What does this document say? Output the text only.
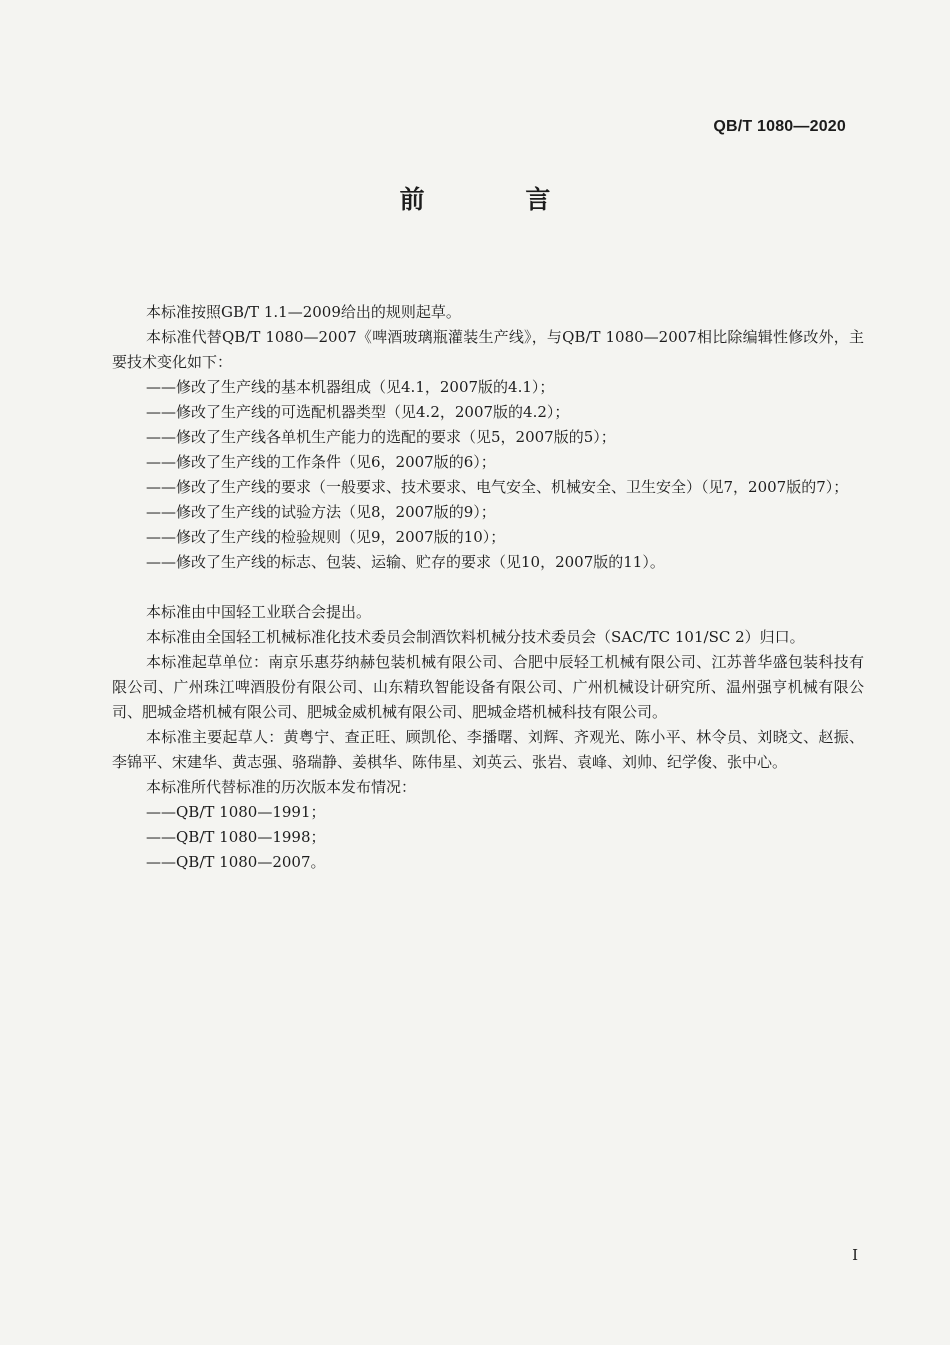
QB/T 1080—2020
前 言

本标准按照GB/T 1.1—2009给出的规则起草。

本标准代替QB/T 1080—2007《啤酒玻璃瓶灌装生产线》，与QB/T 1080—2007相比除编辑性修改外，主要技术变化如下：

——修改了生产线的基本机器组成（见4.1，2007版的4.1）；

——修改了生产线的可选配机器类型（见4.2，2007版的4.2）；

——修改了生产线各单机生产能力的选配的要求（见5，2007版的5）；

——修改了生产线的工作条件（见6，2007版的6）；

——修改了生产线的要求（一般要求、技术要求、电气安全、机械安全、卫生安全）（见7，2007版的7）；

——修改了生产线的试验方法（见8，2007版的9）；

——修改了生产线的检验规则（见9，2007版的10）；

——修改了生产线的标志、包装、运输、贮存的要求（见10，2007版的11）。

本标准由中国轻工业联合会提出。

本标准由全国轻工机械标准化技术委员会制酒饮料机械分技术委员会（SAC/TC 101/SC 2）归口。

本标准起草单位：南京乐惠芬纳赫包装机械有限公司、合肥中辰轻工机械有限公司、江苏普华盛包装科技有限公司、广州珠江啤酒股份有限公司、山东精玖智能设备有限公司、广州机械设计研究所、温州强亨机械有限公司、肥城金塔机械有限公司、肥城金威机械有限公司、肥城金塔机械科技有限公司。

本标准主要起草人：黄粤宁、查正旺、顾凯伦、李播曙、刘辉、齐观光、陈小平、林令员、刘晓文、赵振、李锦平、宋建华、黄志强、骆瑞静、姜棋华、陈伟星、刘英云、张岩、袁峰、刘帅、纪学俊、张中心。

本标准所代替标准的历次版本发布情况：

——QB/T 1080—1991；

——QB/T 1080—1998；

——QB/T 1080—2007。

I
